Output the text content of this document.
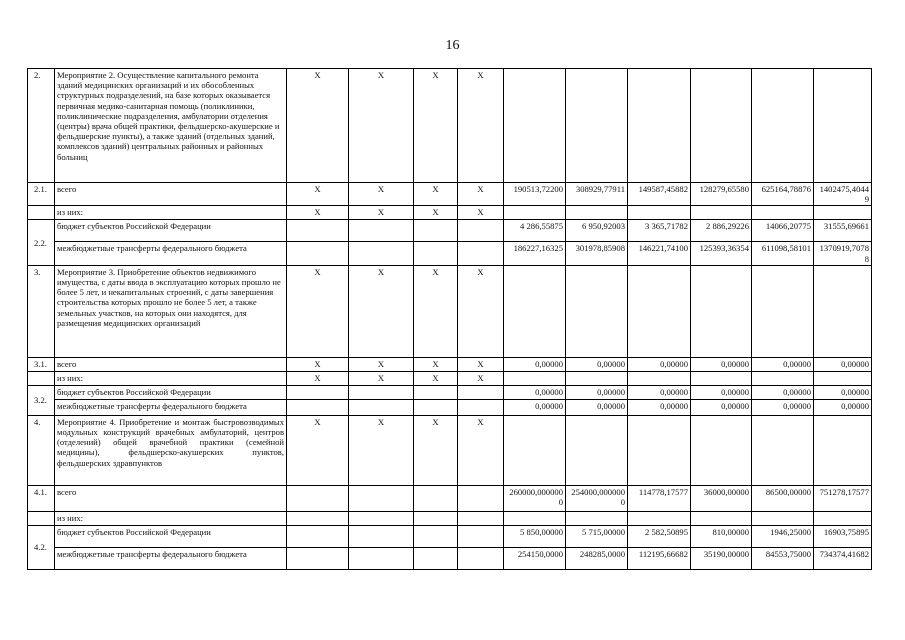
16
2.	Мероприятие 2. Осуществление капитального ремонта зданий медицинских организаций и их обособленных структурных подразделений, на базе которых оказывается первичная медико-санитарная помощь (поликлиники, поликлинические подразделения, амбулатории отделения (центры) врача общей практики, фельдшерско-акушерские и фельдшерские пункты), а также зданий (отдельных зданий, комплексов зданий) центральных районных и районных больниц	X	X	X	X						
2.1.	всего	X	X	X	X	190513,72200	308929,77911	149587,45882	128279,65580	625164,78876	1402475,40449
	из них:	X	X	X	X						
2.2.	бюджет субъектов Российской Федерации					4 286,55875	6 950,92003	3 365,71782	2 886,29226	14066,20775	31555,69661
	межбюджетные трансферты федерального бюджета					186227,16325	301978,85908	146221,74100	125393,36354	611098,58101	1370919,70788
3.	Мероприятие 3. Приобретение объектов недвижимого имущества, с даты ввода в эксплуатацию которых прошло не более 5 лет, и некапитальных строений, с даты завершения строительства которых прошло не более 5 лет, а также земельных участков, на которых они находятся, для размещения медицинских организаций	X	X	X	X						
3.1.	всего	X	X	X	X	0,00000	0,00000	0,00000	0,00000	0,00000	0,00000
	из них:	X	X	X	X						
3.2.	бюджет субъектов Российской Федерации					0,00000	0,00000	0,00000	0,00000	0,00000	0,00000
	межбюджетные трансферты федерального бюджета					0,00000	0,00000	0,00000	0,00000	0,00000	0,00000
4.	Мероприятие 4. Приобретение и монтаж быстровозводимых модульных конструкций врачебных амбулаторий, центров (отделений) общей врачебной практики (семейной медицины), фельдшерско-акушерских пунктов, фельдшерских здравпунктов	X	X	X	X						
4.1.	всего					260000,0000000	254000,0000000	114778,17577	36000,00000	86500,00000	751278,17577
	из них:										
4.2.	бюджет субъектов Российской Федерации					5 850,00000	5 715,00000	2 582,50895	810,00000	1946,25000	16903,75895
	межбюджетные трансферты федерального бюджета					254150,0000	248285,0000	112195,66682	35190,00000	84553,75000	734374,41682
